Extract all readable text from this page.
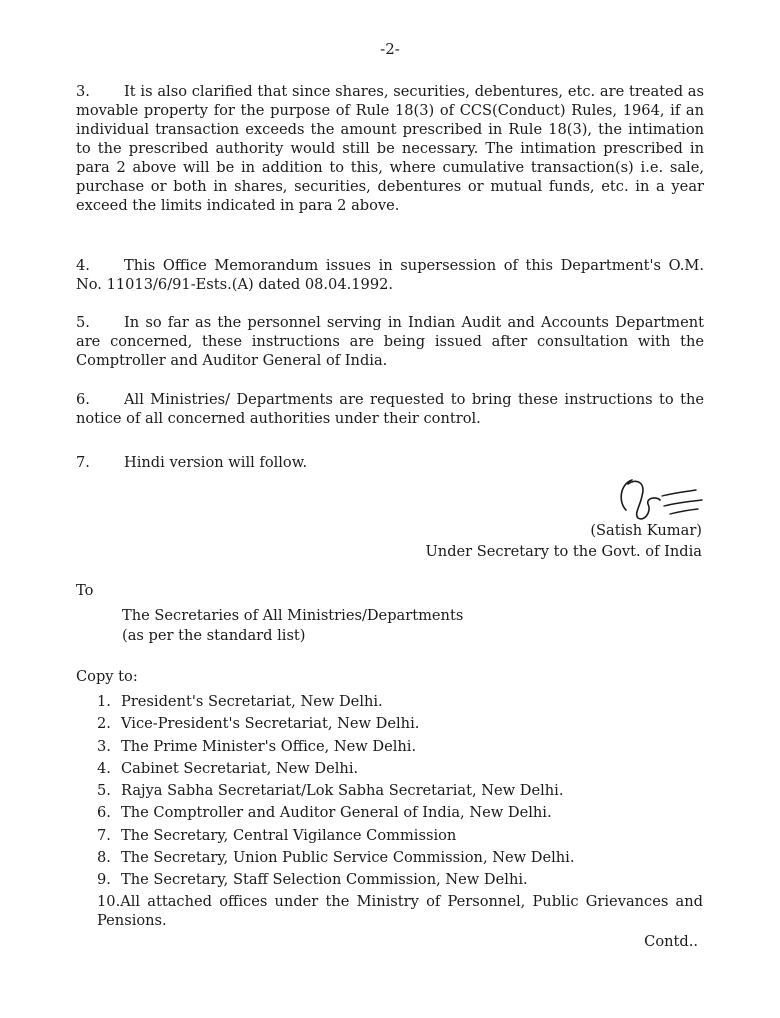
-2-
3. It is also clarified that since shares, securities, debentures, etc. are treated as movable property for the purpose of Rule 18(3) of CCS(Conduct) Rules, 1964, if an individual transaction exceeds the amount prescribed in Rule 18(3), the intimation to the prescribed authority would still be necessary. The intimation prescribed in para 2 above will be in addition to this, where cumulative transaction(s) i.e. sale, purchase or both in shares, securities, debentures or mutual funds, etc. in a year exceed the limits indicated in para 2 above.
4. This Office Memorandum issues in supersession of this Department's O.M. No. 11013/6/91-Ests.(A) dated 08.04.1992.
5. In so far as the personnel serving in Indian Audit and Accounts Department are concerned, these instructions are being issued after consultation with the Comptroller and Auditor General of India.
6. All Ministries/ Departments are requested to bring these instructions to the notice of all concerned authorities under their control.
7. Hindi version will follow.
(Satish Kumar)
Under Secretary to the Govt. of India
To
The Secretaries of All Ministries/Departments
(as per the standard list)
Copy to:
1. President's Secretariat, New Delhi.
2. Vice-President's Secretariat, New Delhi.
3. The Prime Minister's Office, New Delhi.
4. Cabinet Secretariat, New Delhi.
5. Rajya Sabha Secretariat/Lok Sabha Secretariat, New Delhi.
6. The Comptroller and Auditor General of India, New Delhi.
7. The Secretary, Central Vigilance Commission
8. The Secretary, Union Public Service Commission, New Delhi.
9. The Secretary, Staff Selection Commission, New Delhi.
10.All attached offices under the Ministry of Personnel, Public Grievances and Pensions.
Contd..
